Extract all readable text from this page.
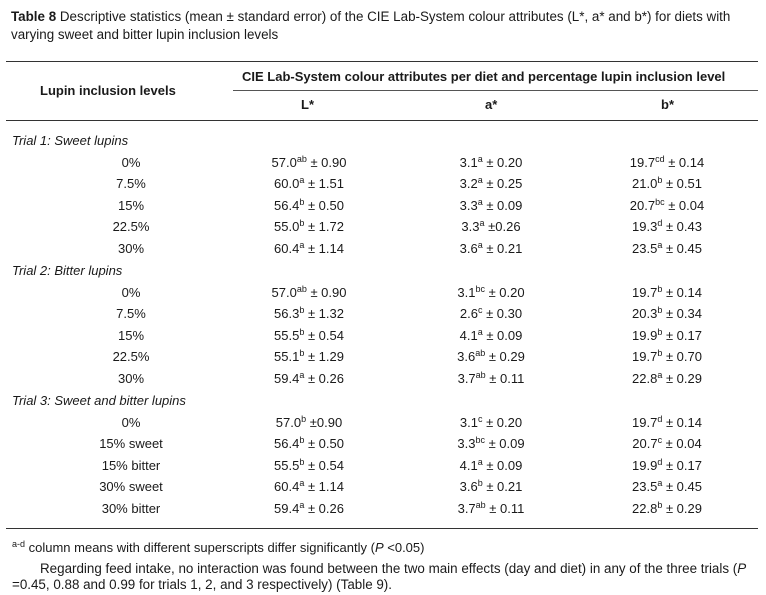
Table 8 Descriptive statistics (mean ± standard error) of the CIE Lab-System colour attributes (L*, a* and b*) for diets with varying sweet and bitter lupin inclusion levels
Lupin inclusion levels
CIE Lab-System colour attributes per diet and percentage lupin inclusion level
L*	a*	b*
Trial 1: Sweet lupins
0%	57.0$^{ab}$ ± 0.90	3.1$^a$ ± 0.20	19.7$^{cd}$ ± 0.14
7.5%	60.0$^a$ ± 1.51	3.2$^a$ ± 0.25	21.0$^b$ ± 0.51
15%	56.4$^b$ ± 0.50	3.3$^a$ ± 0.09	20.7$^{bc}$ ± 0.04
22.5%	55.0$^b$ ± 1.72	3.3$^a$ ±0.26	19.3$^d$ ± 0.43
30%	60.4$^a$ ± 1.14	3.6$^a$ ± 0.21	23.5$^a$ ± 0.45
Trial 2: Bitter lupins
0%	57.0$^{ab}$ ± 0.90	3.1$^{bc}$ ± 0.20	19.7$^b$ ± 0.14
7.5%	56.3$^b$ ± 1.32	2.6$^c$ ± 0.30	20.3$^b$ ± 0.34
15%	55.5$^b$ ± 0.54	4.1$^a$ ± 0.09	19.9$^b$ ± 0.17
22.5%	55.1$^b$ ± 1.29	3.6$^{ab}$ ± 0.29	19.7$^b$ ± 0.70
30%	59.4$^a$ ± 0.26	3.7$^{ab}$ ± 0.11	22.8$^a$ ± 0.29
Trial 3: Sweet and bitter lupins
0%	57.0$^b$ ±0.90	3.1$^c$ ± 0.20	19.7$^d$ ± 0.14
15% sweet	56.4$^b$ ± 0.50	3.3$^{bc}$ ± 0.09	20.7$^c$ ± 0.04
15% bitter	55.5$^b$ ± 0.54	4.1$^a$ ± 0.09	19.9$^d$ ± 0.17
30% sweet	60.4$^a$ ± 1.14	3.6$^b$ ± 0.21	23.5$^a$ ± 0.45
30% bitter	59.4$^a$ ± 0.26	3.7$^{ab}$ ± 0.11	22.8$^b$ ± 0.29
$^{a-d}$ column means with different superscripts differ significantly (P <0.05)
Regarding feed intake, no interaction was found between the two main effects (day and diet) in any of the three trials (P =0.45, 0.88 and 0.99 for trials 1, 2, and 3 respectively) (Table 9).
